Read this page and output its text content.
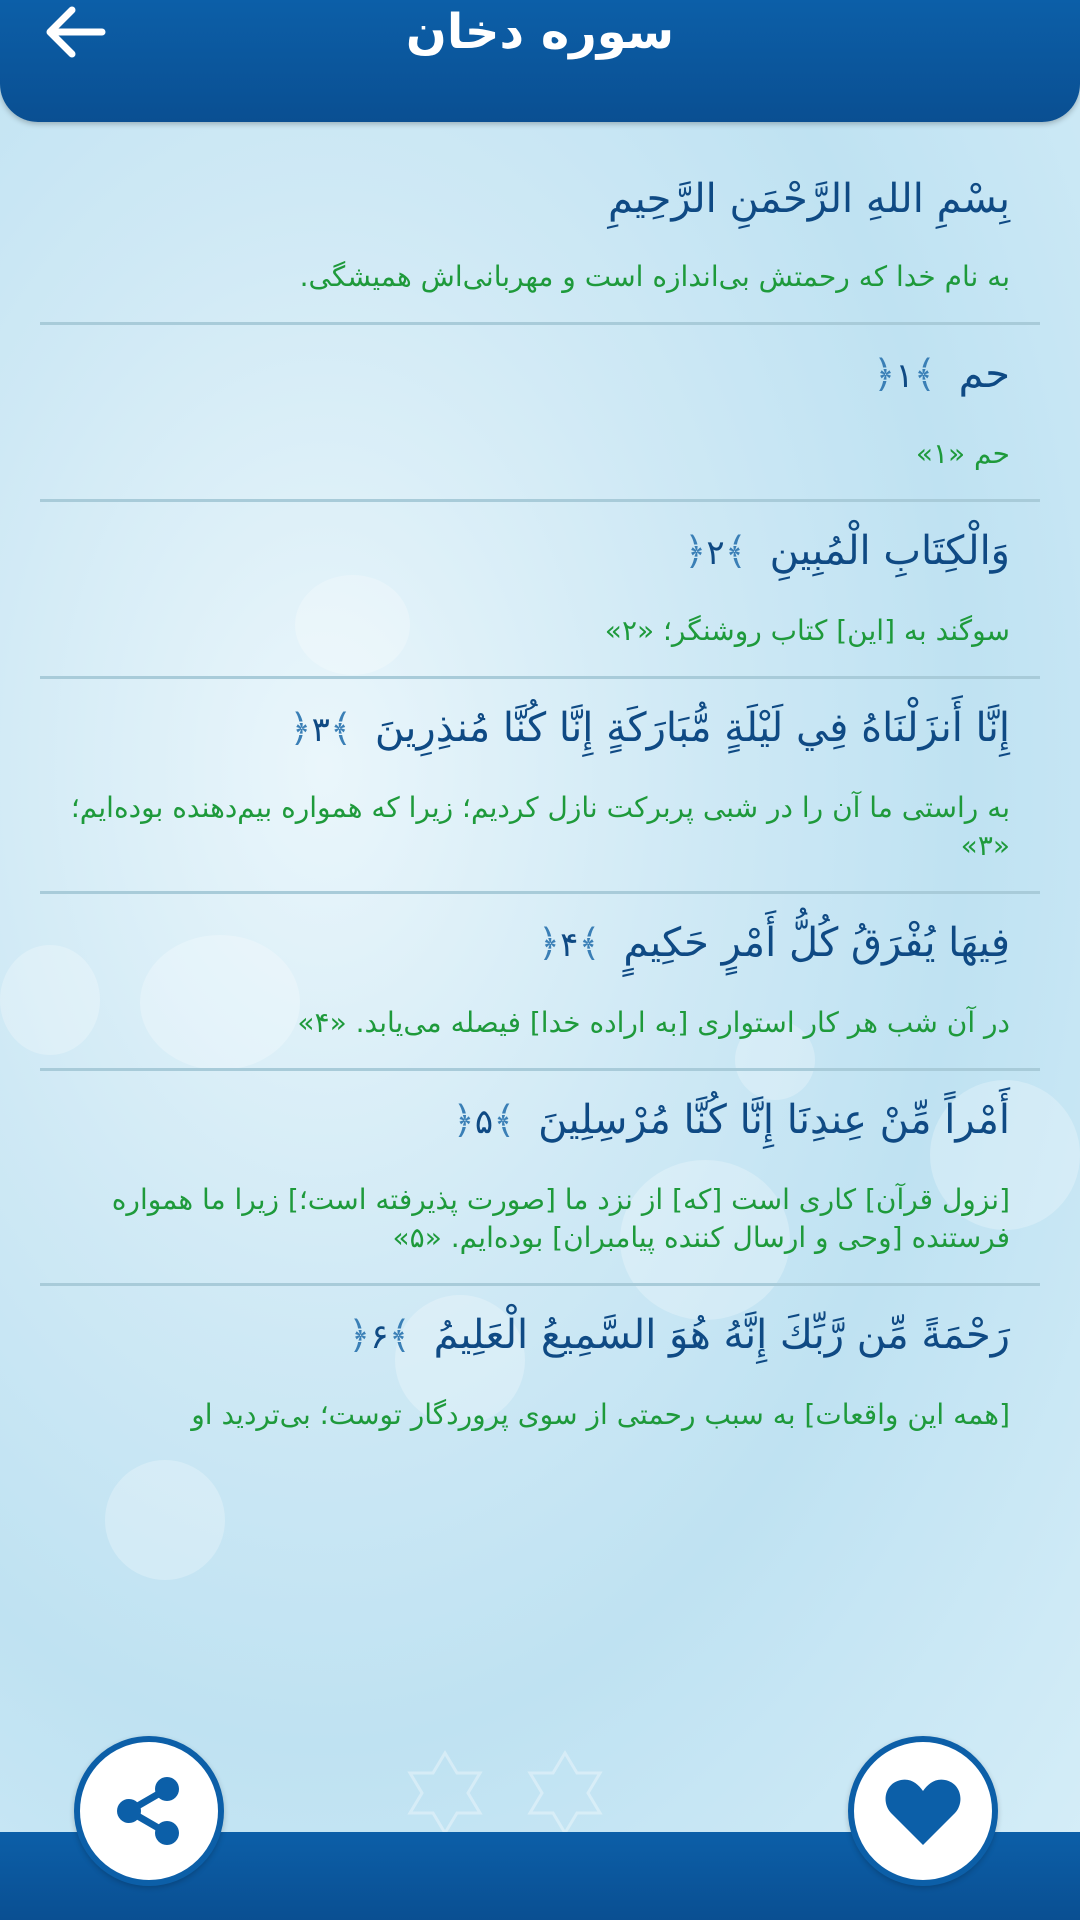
سوره دخان
بِسْمِ اللهِ الرَّحْمَنِ الرَّحِيمِ
به نام خدا که رحمتش بی‌اندازه است و مهربانی‌اش همیشگی.
حم ﴾١﴿
حم «۱»
وَالْكِتَابِ الْمُبِينِ ﴾٢﴿
سوگند به [این] کتاب روشنگر؛ «۲»
إِنَّا أَنزَلْنَاهُ فِي لَيْلَةٍ مُّبَارَكَةٍ إِنَّا كُنَّا مُنذِرِينَ ﴾٣﴿
به راستی ما آن را در شبی پربرکت نازل کردیم؛ زیرا که همواره بیم‌دهنده بوده‌ایم؛ «۳»
فِيهَا يُفْرَقُ كُلُّ أَمْرٍ حَكِيمٍ ﴾۴﴿
در آن شب هر کار استواری [به اراده خدا] فیصله می‌یابد. «۴»
أَمْراً مِّنْ عِندِنَا إِنَّا كُنَّا مُرْسِلِينَ ﴾۵﴿
[نزول قرآن] کاری است [که] از نزد ما [صورت پذیرفته است؛] زیرا ما همواره فرستنده [وحی و ارسال کننده پیامبران] بوده‌ایم. «۵»
رَحْمَةً مِّن رَّبِّكَ إِنَّهُ هُوَ السَّمِيعُ الْعَلِيمُ ﴾۶﴿
[همه این واقعات] به سبب رحمتی از سوی پروردگار توست؛ بی‌تردید او
